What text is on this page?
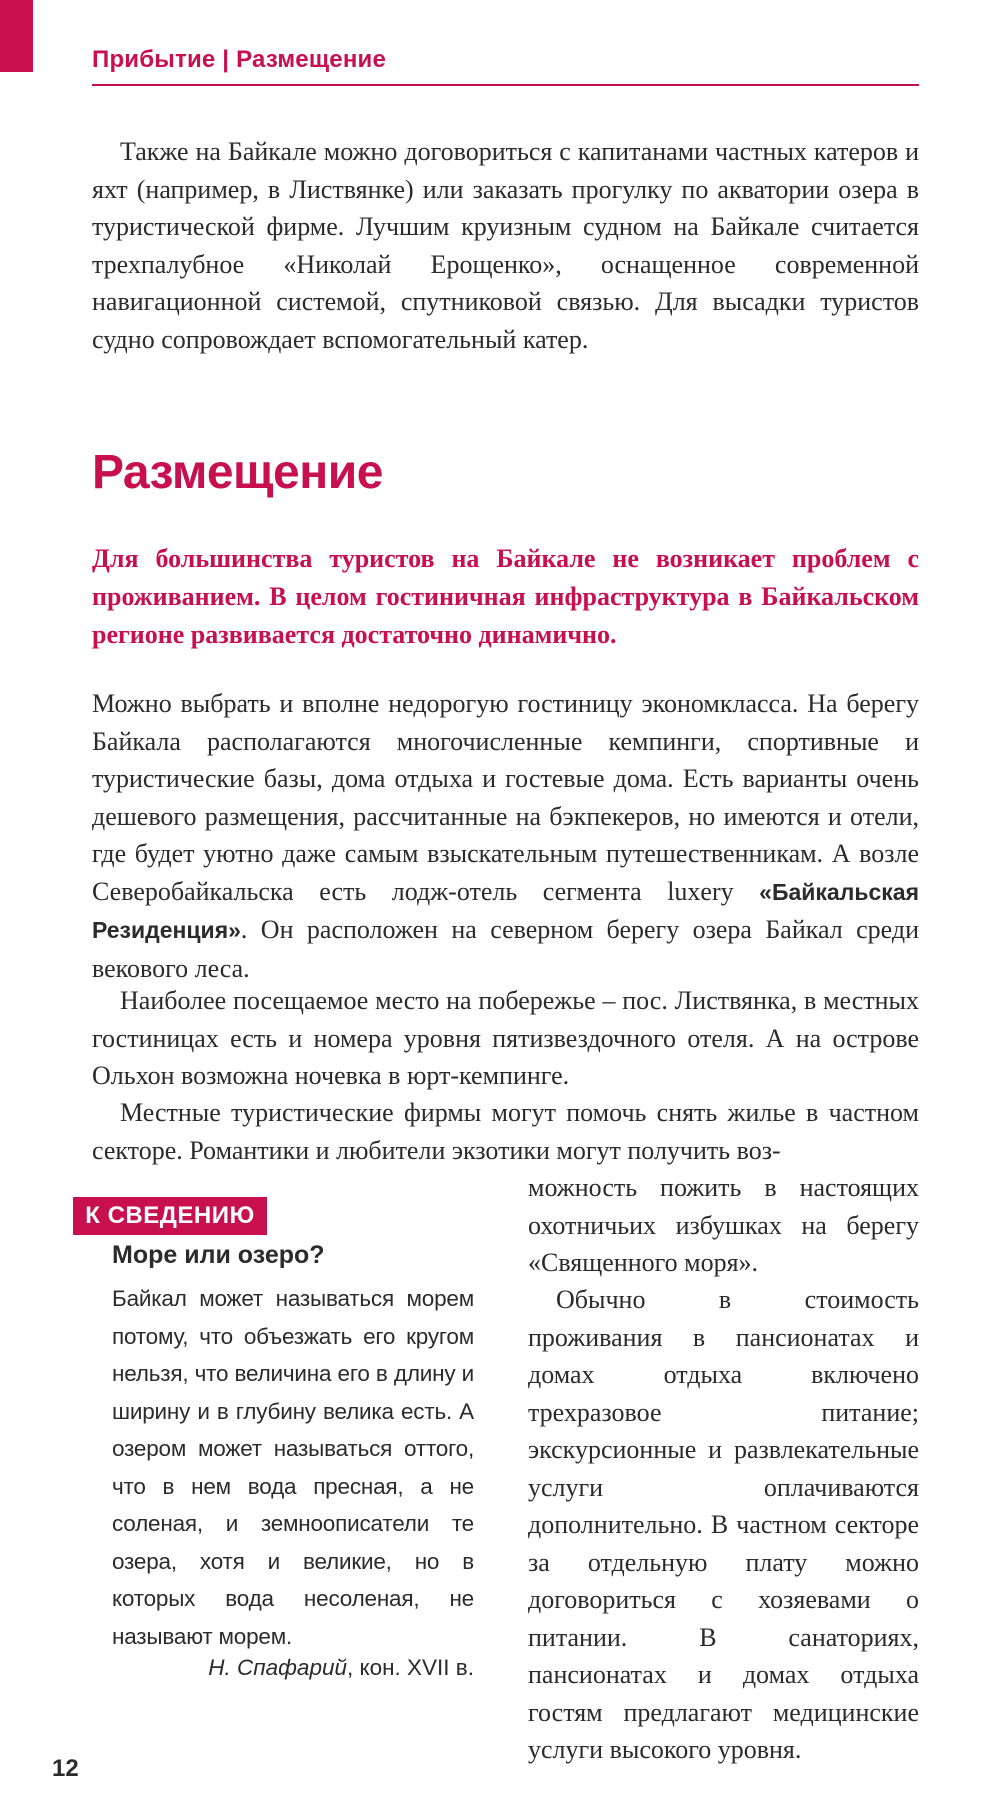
Прибытие | Размещение

Также на Байкале можно договориться с капитанами частных катеров и яхт (например, в Листвянке) или заказать прогулку по акватории озера в туристической фирме. Лучшим круизным судном на Байкале считается трехпалубное «Николай Ерощенко», оснащенное современной навигационной системой, спутниковой связью. Для высадки туристов судно сопровождает вспомогательный катер.

Размещение

Для большинства туристов на Байкале не возникает проблем с проживанием. В целом гостиничная инфраструктура в Байкальском регионе развивается достаточно динамично.

Можно выбрать и вполне недорогую гостиницу экономкласса. На берегу Байкала располагаются многочисленные кемпинги, спортивные и туристические базы, дома отдыха и гостевые дома. Есть варианты очень дешевого размещения, рассчитанные на бэкпекеров, но имеются и отели, где будет уютно даже самым взыскательным путешественникам. А возле Северобайкальска есть лодж-отель сегмента luxery «Байкальская Резиденция». Он расположен на северном берегу озера Байкал среди векового леса.

Наиболее посещаемое место на побережье – пос. Листвянка, в местных гостиницах есть и номера уровня пятизвездочного отеля. А на острове Ольхон возможна ночевка в юрт-кемпинге.

Местные туристические фирмы могут помочь снять жилье в частном секторе. Романтики и любители экзотики могут получить воз-

можность пожить в настоящих охотничьих избушках на берегу «Священного моря».

Обычно в стоимость проживания в пансионатах и домах отдыха включено трехразовое питание; экскурсионные и развлекательные услуги оплачиваются дополнительно. В частном секторе за отдельную плату можно договориться с хозяевами о питании. В санаториях, пансионатах и домах отдыха гостям предлагают медицинские услуги высокого уровня.

К СВЕДЕНИЮ
Море или озеро?

Байкал может называться морем потому, что объезжать его кругом нельзя, что величина его в длину и ширину и в глубину велика есть. А озером может называться оттого, что в нем вода пресная, а не соленая, и земноописатели те озера, хотя и великие, но в которых вода несоленая, не называют морем.

Н. Спафарий, кон. XVII в.

12
